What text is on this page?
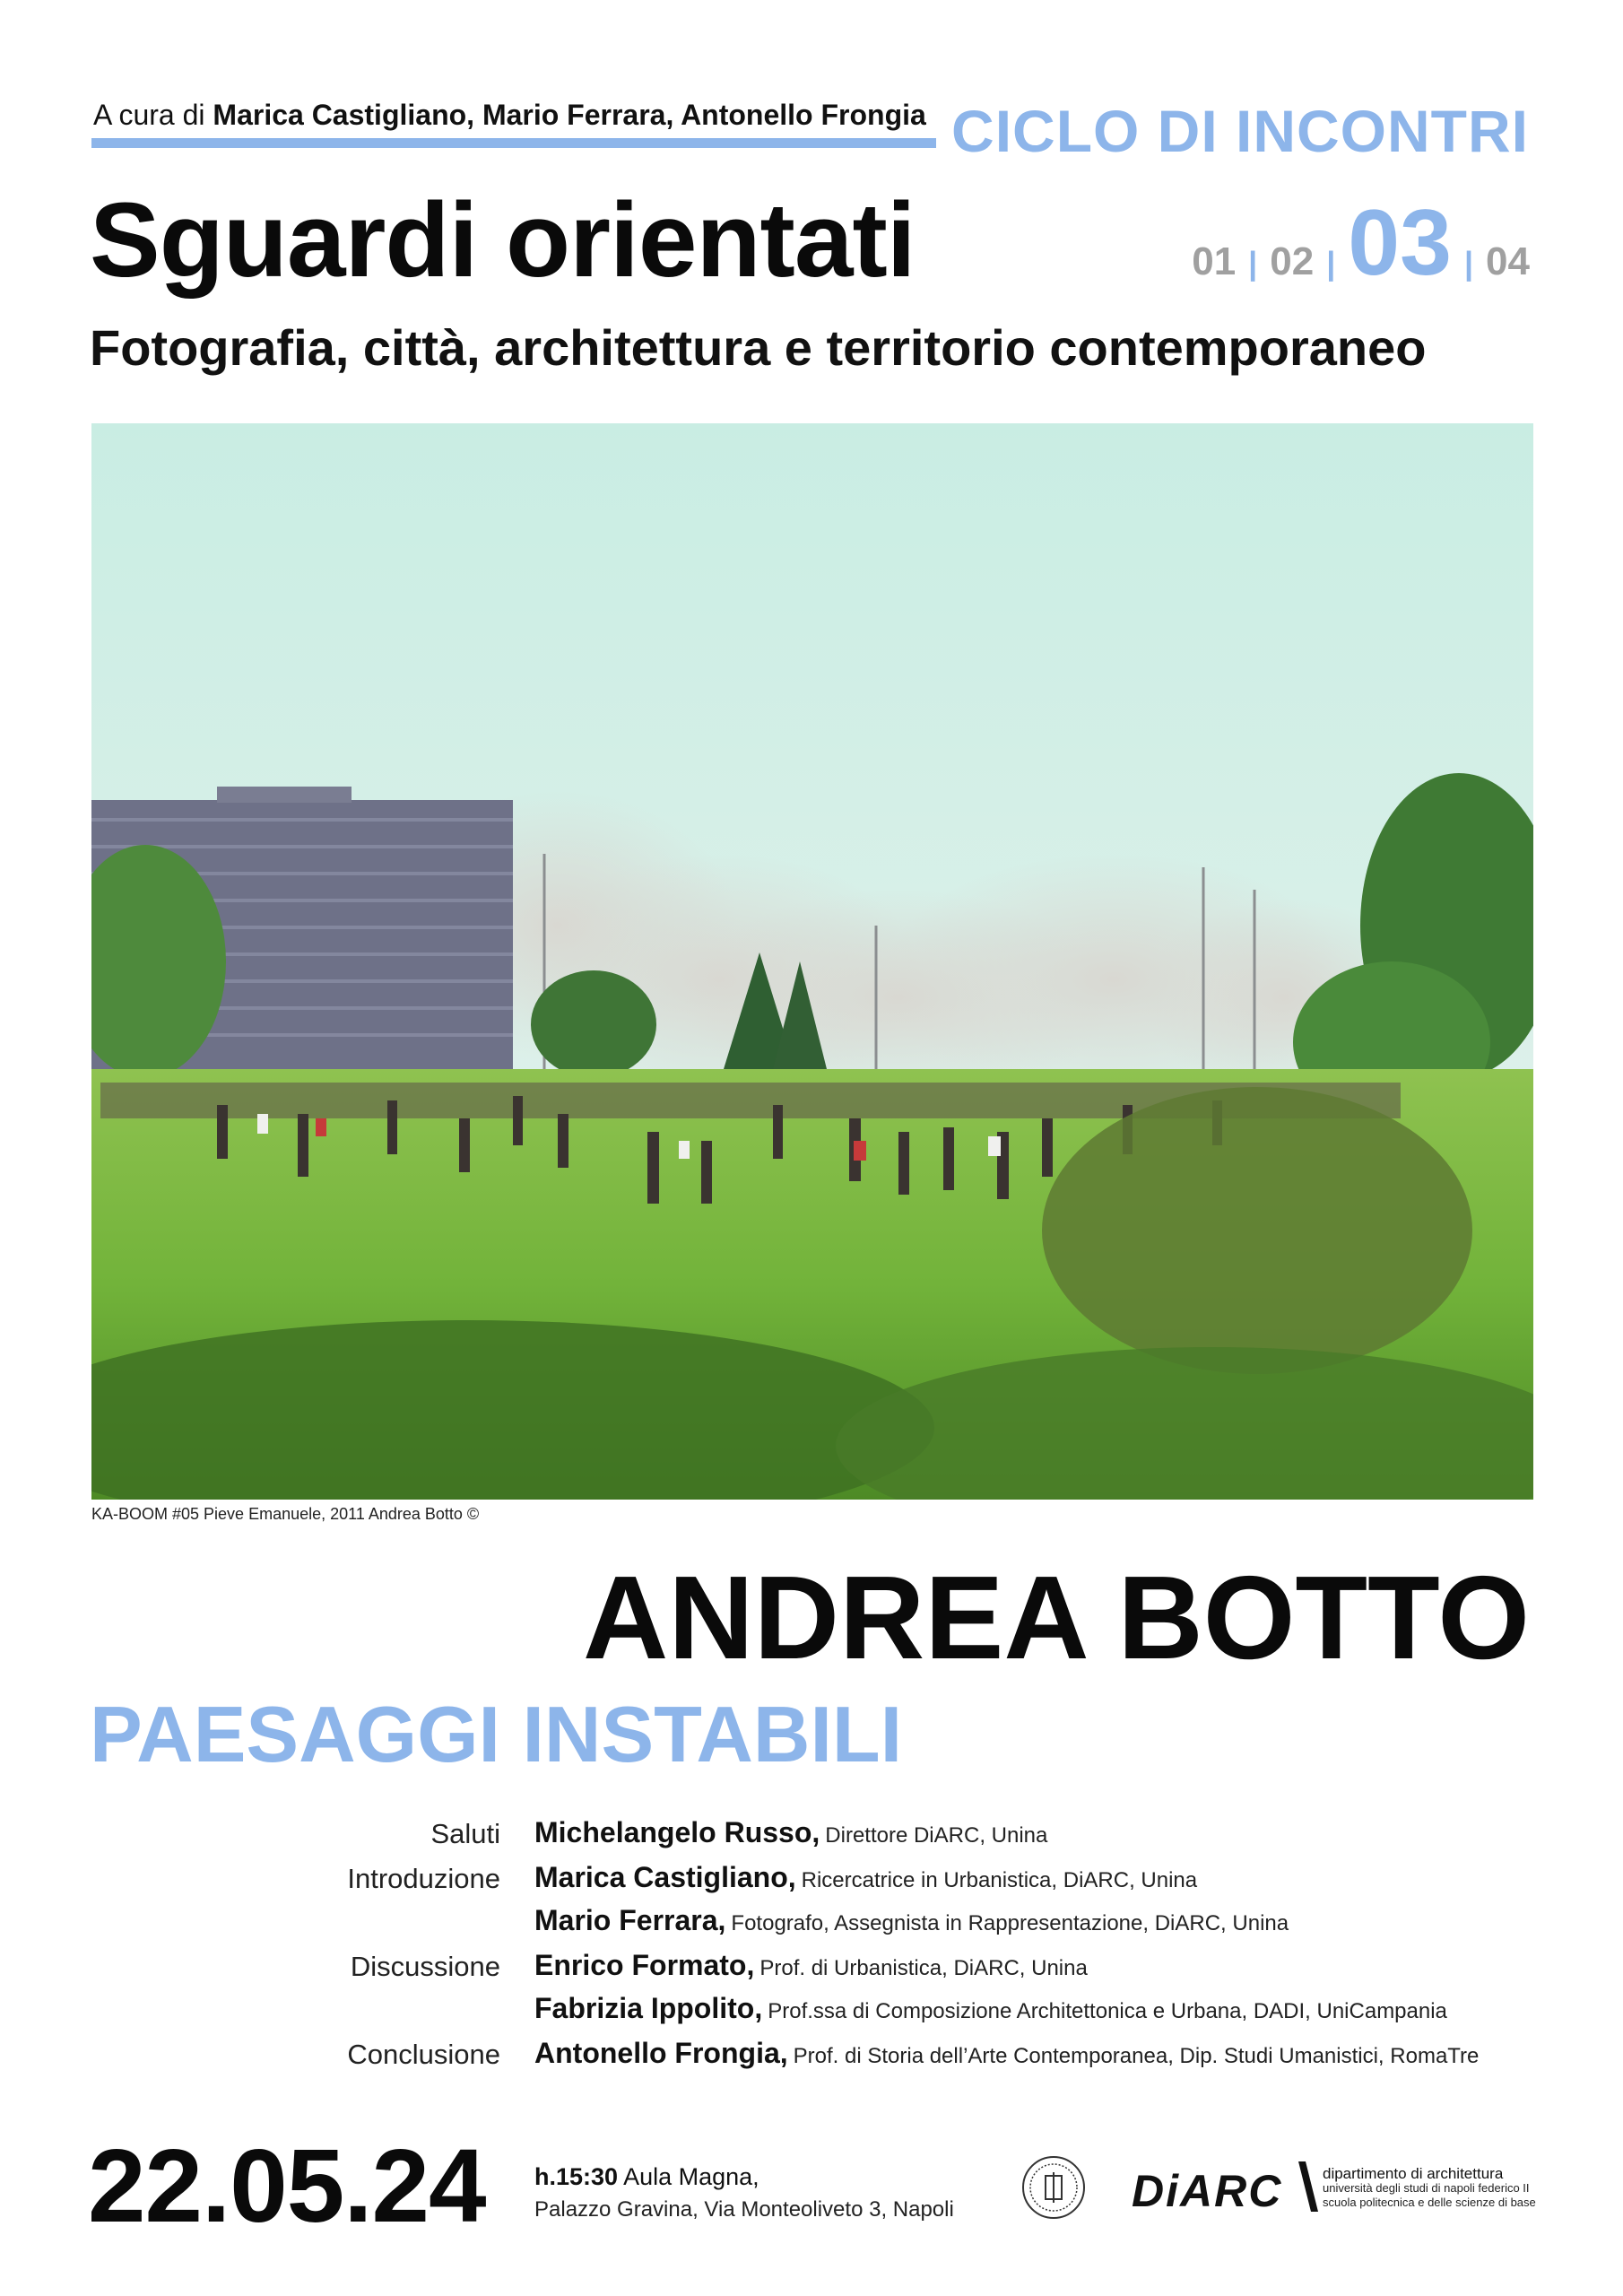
A cura di Marica Castigliano, Mario Ferrara, Antonello Frongia CICLO DI INCONTRI
Sguardi orientati	01 | 02 | 03 | 04
Fotografia, città, architettura e territorio contemporaneo
KA-BOOM #05 Pieve Emanuele, 2011 Andrea Botto ©
ANDREA BOTTO
PAESAGGI INSTABILI
Saluti Michelangelo Russo, Direttore DiARC, Unina
Introduzione Marica Castigliano, Ricercatrice in Urbanistica, DiARC, Unina
Mario Ferrara, Fotografo, Assegnista in Rappresentazione, DiARC, Unina
Discussione Enrico Formato, Prof. di Urbanistica, DiARC, Unina
Fabrizia Ippolito, Prof.ssa di Composizione Architettonica e Urbana, DADI, UniCampania
Conclusione Antonello Frongia, Prof. di Storia dell’Arte Contemporanea, Dip. Studi Umanistici, RomaTre
22.05.24 h.15:30 Aula Magna,
Palazzo Gravina, Via Monteoliveto 3, Napoli	DiARC	dipartimento di architettura
università degli studi di napoli federico II
scuola politecnica e delle scienze di base
